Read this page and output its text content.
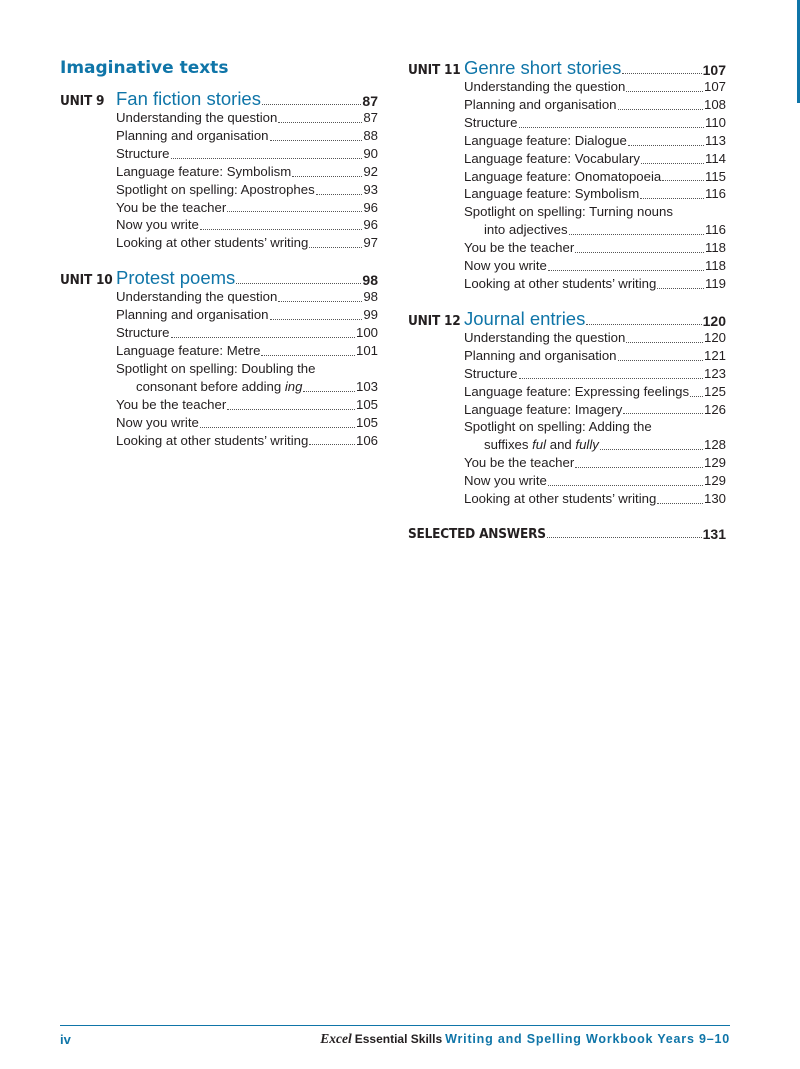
Imaginative texts
UNIT 9 Fan fiction stories	87
Understanding the question	87
Planning and organisation	88
Structure	90
Language feature: Symbolism	92
Spotlight on spelling: Apostrophes	93
You be the teacher	96
Now you write	96
Looking at other students’ writing	97
UNIT 10 Protest poems	98
Understanding the question	98
Planning and organisation	99
Structure	100
Language feature: Metre	101
Spotlight on spelling: Doubling the
consonant before adding ing	103
You be the teacher	105
Now you write	105
Looking at other students’ writing	106
UNIT 11 Genre short stories	107
Understanding the question	107
Planning and organisation	108
Structure	110
Language feature: Dialogue	113
Language feature: Vocabulary	114
Language feature: Onomatopoeia	115
Language feature: Symbolism	116
Spotlight on spelling: Turning nouns
into adjectives	116
You be the teacher	118
Now you write	118
Looking at other students’ writing	119
UNIT 12 Journal entries	120
Understanding the question	120
Planning and organisation	121
Structure	123
Language feature: Expressing feelings 125
Language feature: Imagery	126
Spotlight on spelling: Adding the
suffixes ful and fully	128
You be the teacher	129
Now you write	129
Looking at other students’ writing	130
SELECTED ANSWERS	131
iv	Excel Essential Skills Writing and Spelling Workbook Years 9–10
